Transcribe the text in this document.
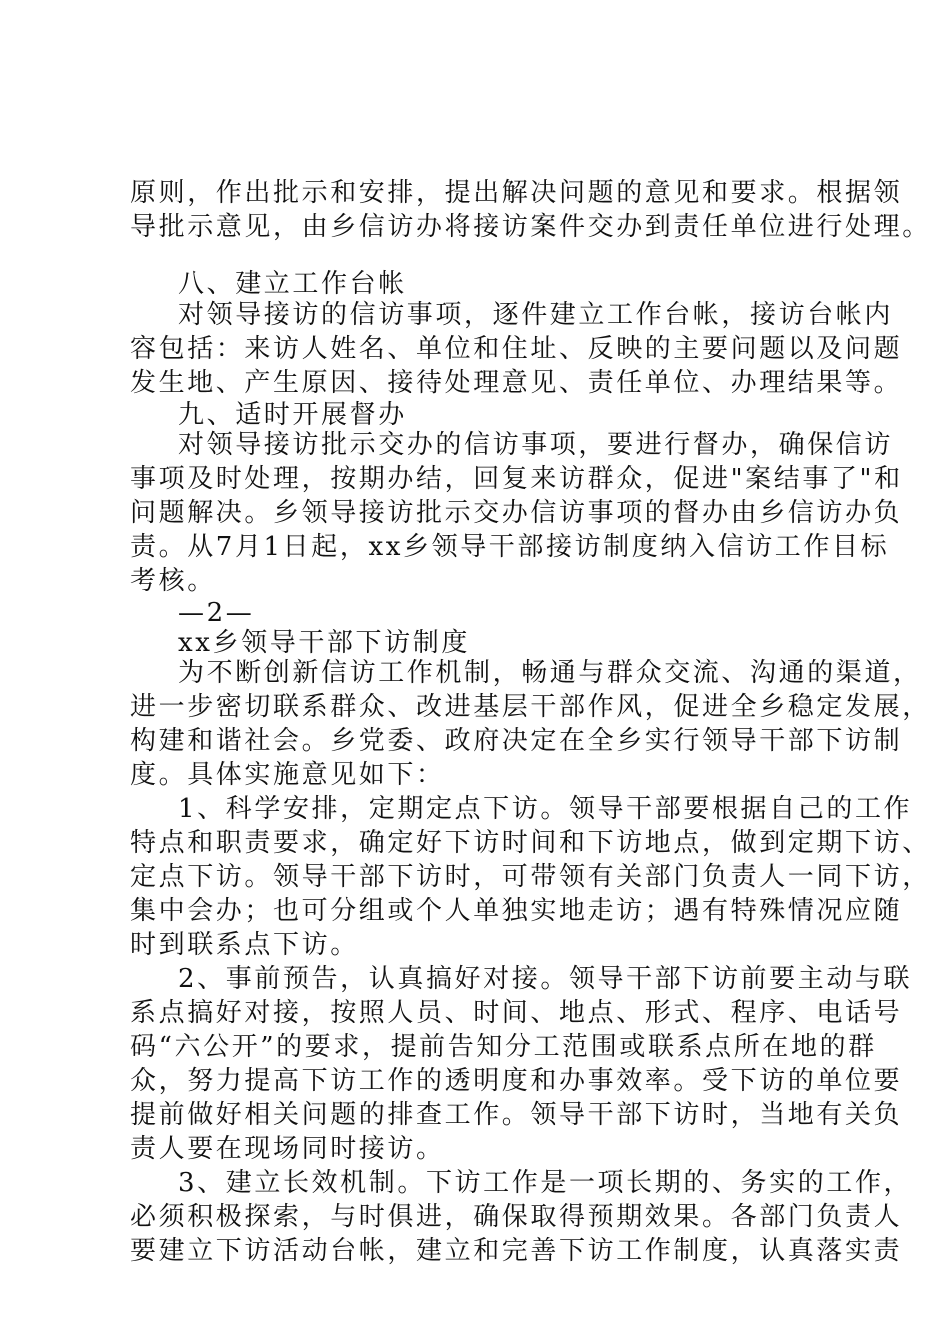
原则，作出批示和安排，提出解决问题的意见和要求。根据领
导批示意见，由乡信访办将接访案件交办到责任单位进行处理。
八、建立工作台帐
对领导接访的信访事项，逐件建立工作台帐，接访台帐内
容包括：来访人姓名、单位和住址、反映的主要问题以及问题
发生地、产生原因、接待处理意见、责任单位、办理结果等。
九、适时开展督办
对领导接访批示交办的信访事项，要进行督办，确保信访
事项及时处理，按期办结，回复来访群众，促进"案结事了"和
问题解决。乡领导接访批示交办信访事项的督办由乡信访办负
责。从7月1日起，xx乡领导干部接访制度纳入信访工作目标
考核。
—2—
xx乡领导干部下访制度
为不断创新信访工作机制，畅通与群众交流、沟通的渠道，
进一步密切联系群众、改进基层干部作风，促进全乡稳定发展，
构建和谐社会。乡党委、政府决定在全乡实行领导干部下访制
度。具体实施意见如下：
1、科学安排，定期定点下访。领导干部要根据自己的工作
特点和职责要求，确定好下访时间和下访地点，做到定期下访、
定点下访。领导干部下访时，可带领有关部门负责人一同下访，
集中会办；也可分组或个人单独实地走访；遇有特殊情况应随
时到联系点下访。
2、事前预告，认真搞好对接。领导干部下访前要主动与联
系点搞好对接，按照人员、时间、地点、形式、程序、电话号
码“六公开”的要求，提前告知分工范围或联系点所在地的群
众，努力提高下访工作的透明度和办事效率。受下访的单位要
提前做好相关问题的排查工作。领导干部下访时，当地有关负
责人要在现场同时接访。
3、建立长效机制。下访工作是一项长期的、务实的工作，
必须积极探索，与时俱进，确保取得预期效果。各部门负责人
要建立下访活动台帐，建立和完善下访工作制度，认真落实责
